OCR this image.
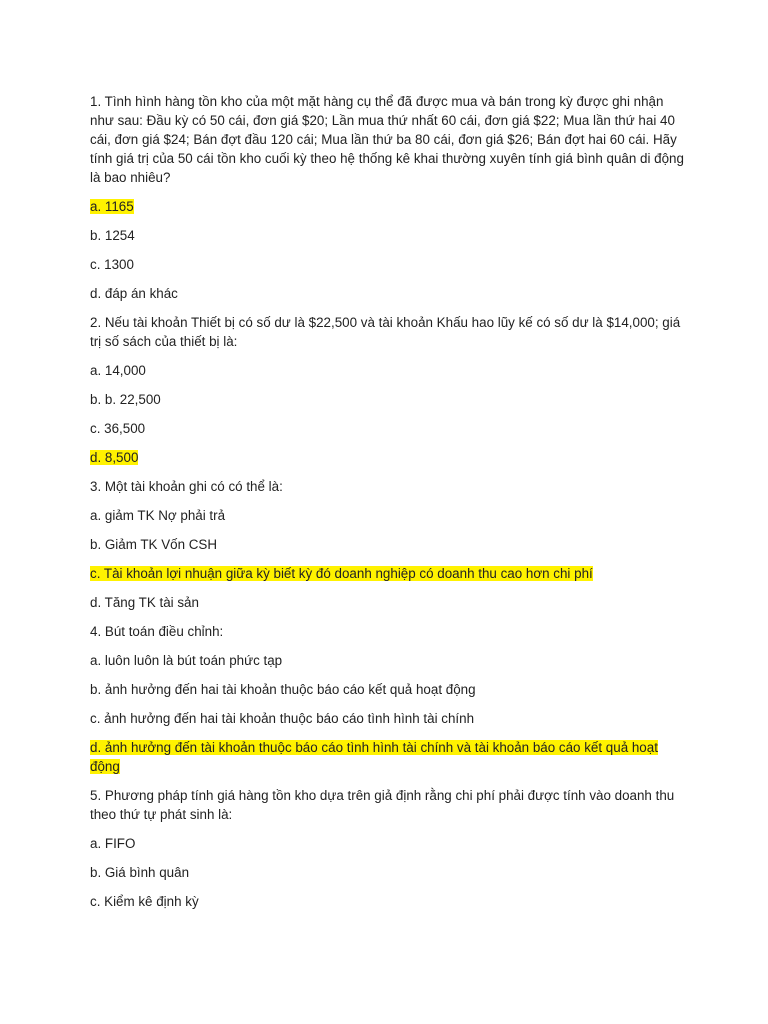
1. Tình hình hàng tồn kho của một mặt hàng cụ thể đã được mua và bán trong kỳ được ghi nhận như sau: Đầu kỳ có 50 cái, đơn giá $20; Lần mua thứ nhất 60 cái, đơn giá $22; Mua lần thứ hai 40 cái, đơn giá $24; Bán đợt đầu 120 cái; Mua lần thứ ba 80 cái, đơn giá $26; Bán đợt hai 60 cái. Hãy tính giá trị của 50 cái tồn kho cuối kỳ theo hệ thống kê khai thường xuyên tính giá bình quân di động là bao nhiêu?

a. 1165

b. 1254

c. 1300

d. đáp án khác

2. Nếu tài khoản Thiết bị có số dư là $22,500 và tài khoản Khấu hao lũy kế có số dư là $14,000; giá trị số sách của thiết bị là:

a. 14,000

b. b. 22,500

c. 36,500

d. 8,500

3. Một tài khoản ghi có có thể là:

a. giảm TK Nợ phải trả

b. Giảm TK Vốn CSH

c. Tài khoản lợi nhuận giữa kỳ biết kỳ đó doanh nghiệp có doanh thu cao hơn chi phí

d. Tăng TK tài sản

4. Bút toán điều chỉnh:

a. luôn luôn là bút toán phức tạp

b. ảnh hưởng đến hai tài khoản thuộc báo cáo kết quả hoạt động

c. ảnh hưởng đến hai tài khoản thuộc báo cáo tình hình tài chính

d. ảnh hưởng đến tài khoản thuộc báo cáo tình hình tài chính và tài khoản báo cáo kết quả hoạt động

5. Phương pháp tính giá hàng tồn kho dựa trên giả định rằng chi phí phải được tính vào doanh thu theo thứ tự phát sinh là:

a. FIFO

b. Giá bình quân

c. Kiểm kê định kỳ
